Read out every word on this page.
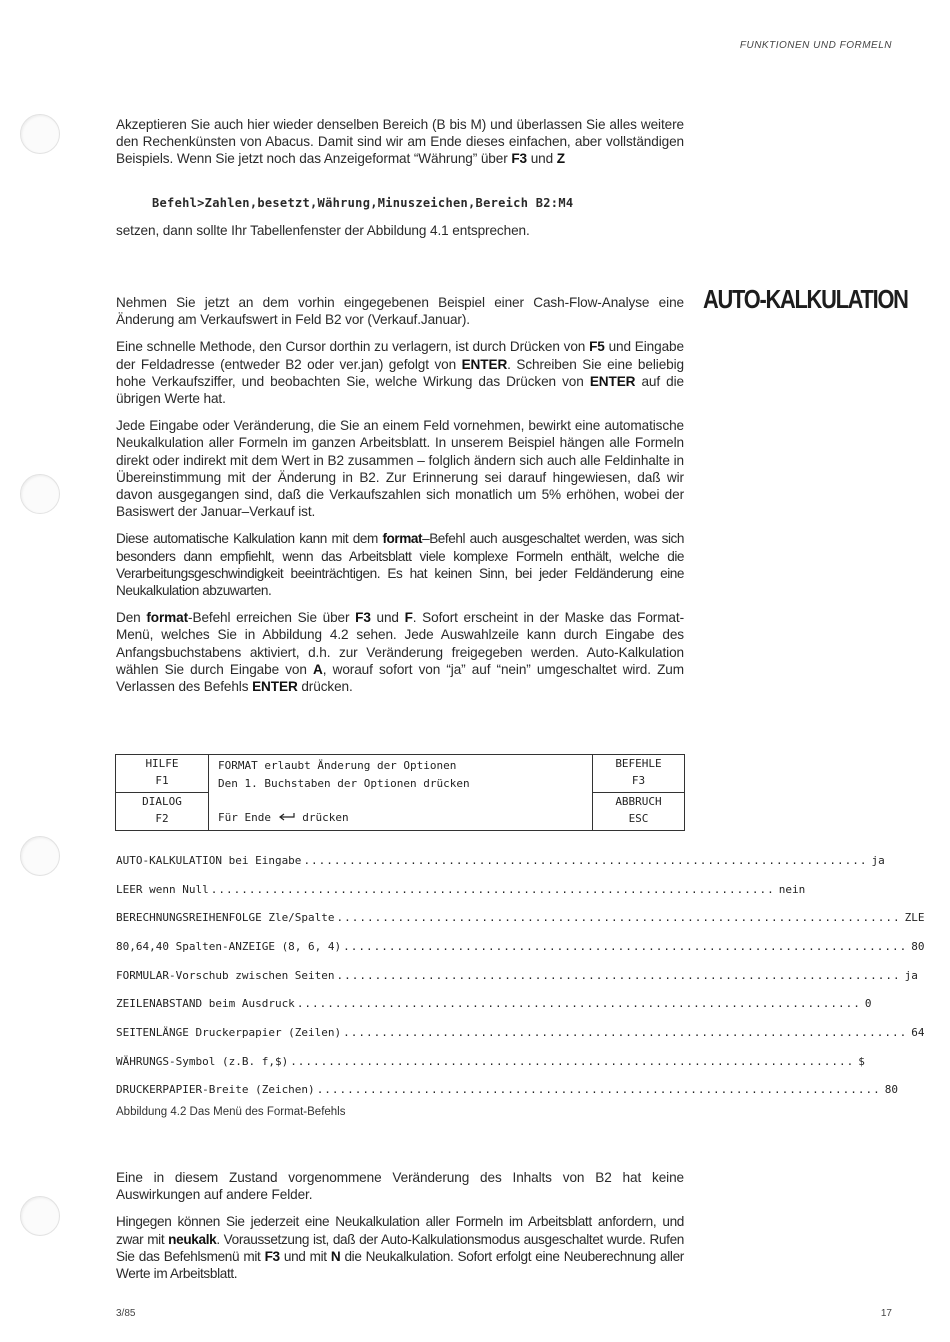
FUNKTIONEN UND FORMELN

Akzeptieren Sie auch hier wieder denselben Bereich (B bis M) und überlassen Sie alles weitere den Rechenkünsten von Abacus. Damit sind wir am Ende dieses einfachen, aber vollständigen Beispiels. Wenn Sie jetzt noch das Anzeigeformat “Währung” über F3 und Z

Befehl>Zahlen,besetzt,Währung,Minuszeichen,Bereich B2:M4

setzen, dann sollte Ihr Tabellenfenster der Abbildung 4.1 entsprechen.

AUTO-KALKULATION

Nehmen Sie jetzt an dem vorhin eingegebenen Beispiel einer Cash-Flow-Analyse eine Änderung am Verkaufswert in Feld B2 vor (Verkauf.Januar).

Eine schnelle Methode, den Cursor dorthin zu verlagern, ist durch Drücken von F5 und Eingabe der Feldadresse (entweder B2 oder ver.jan) gefolgt von ENTER. Schreiben Sie eine beliebig hohe Verkaufsziffer, und beobachten Sie, welche Wirkung das Drücken von ENTER auf die übrigen Werte hat.

Jede Eingabe oder Veränderung, die Sie an einem Feld vornehmen, bewirkt eine automatische Neukalkulation aller Formeln im ganzen Arbeitsblatt. In unserem Beispiel hängen alle Formeln direkt oder indirekt mit dem Wert in B2 zusammen – folglich ändern sich auch alle Feldinhalte in Übereinstimmung mit der Änderung in B2. Zur Erinnerung sei darauf hingewiesen, daß wir davon ausgegangen sind, daß die Verkaufszahlen sich monatlich um 5% erhöhen, wobei der Basiswert der Januar–Verkauf ist.

Diese automatische Kalkulation kann mit dem format–Befehl auch ausgeschaltet werden, was sich besonders dann empfiehlt, wenn das Arbeitsblatt viele komplexe Formeln enthält, welche die Verarbeitungsgeschwindigkeit beeinträchtigen. Es hat keinen Sinn, bei jeder Feldänderung eine Neukalkulation abzuwarten.

Den format-Befehl erreichen Sie über F3 und F. Sofort erscheint in der Maske das Format-Menü, welches Sie in Abbildung 4.2 sehen. Jede Auswahlzeile kann durch Eingabe des Anfangsbuchstabens aktiviert, d.h. zur Veränderung freigegeben werden. Auto-Kalkulation wählen Sie durch Eingabe von A, worauf sofort von “ja” auf “nein” umgeschaltet wird. Zum Verlassen des Befehls ENTER drücken.

HILFE
F1
DIALOG
F2
FORMAT erlaubt Änderung der Optionen
Den 1. Buchstaben der Optionen drücken
Für Ende  drücken
BEFEHLE
F3
ABBRUCH
ESC
AUTO-KALKULATION bei Eingabe .......................................................................... ja
LEER wenn Null .......................................................................... nein
BERECHNUNGSREIHENFOLGE Zle/Spalte .......................................................................... ZLE
80,64,40 Spalten-ANZEIGE (8, 6, 4) .......................................................................... 80
FORMULAR-Vorschub zwischen Seiten .......................................................................... ja
ZEILENABSTAND beim Ausdruck .......................................................................... 0
SEITENLÄNGE Druckerpapier (Zeilen) .......................................................................... 64
WÄHRUNGS-Symbol (z.B. f,$) .......................................................................... $
DRUCKERPAPIER-Breite (Zeichen) .......................................................................... 80
Abbildung 4.2 Das Menü des Format-Befehls

Eine in diesem Zustand vorgenommene Veränderung des Inhalts von B2 hat keine Auswirkungen auf andere Felder.

Hingegen können Sie jederzeit eine Neukalkulation aller Formeln im Arbeitsblatt anfordern, und zwar mit neukalk. Voraussetzung ist, daß der Auto-Kalkulationsmodus ausgeschaltet wurde. Rufen Sie das Befehlsmenü mit F3 und mit N die Neukalkulation. Sofort erfolgt eine Neuberechnung aller Werte im Arbeitsblatt.

3/85	17
